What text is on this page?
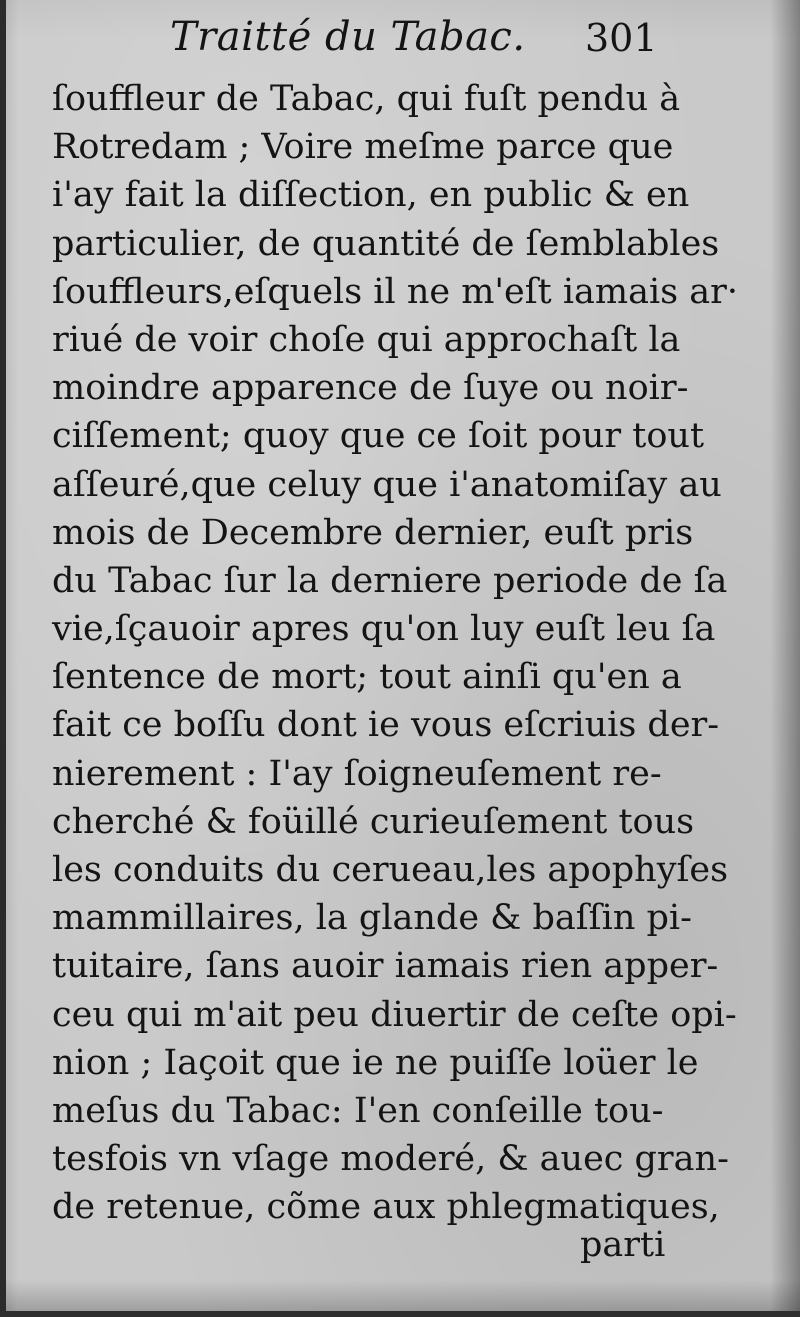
Traitté du Tabac. 301
ſouffleur de Tabac, qui fuſt pendu à
Rotredam ; Voire meſme parce que
i'ay fait la diſſection, en public & en
particulier, de quantité de ſemblables
ſouffleurs,eſquels il ne m'eſt iamais ar·
riué de voir choſe qui approchaſt la
moindre apparence de ſuye ou noir-
ciſſement; quoy que ce ſoit pour tout
aſſeuré,que celuy que i'anatomiſay au
mois de Decembre dernier, euſt pris
du Tabac ſur la derniere periode de ſa
vie,ſçauoir apres qu'on luy euſt leu ſa
ſentence de mort; tout ainſi qu'en a
fait ce boſſu dont ie vous eſcriuis der-
nierement : I'ay ſoigneuſement re-
cherché & foüillé curieuſement tous
les conduits du cerueau,les apophyſes
mammillaires, la glande & baſſin pi-
tuitaire, ſans auoir iamais rien apper-
ceu qui m'ait peu diuertir de ceſte opi-
nion ; Iaçoit que ie ne puiſſe loüer le
meſus du Tabac: I'en conſeille tou-
tesfois vn vſage moderé, & auec gran-
de retenue, cõme aux phlegmatiques,
parti
